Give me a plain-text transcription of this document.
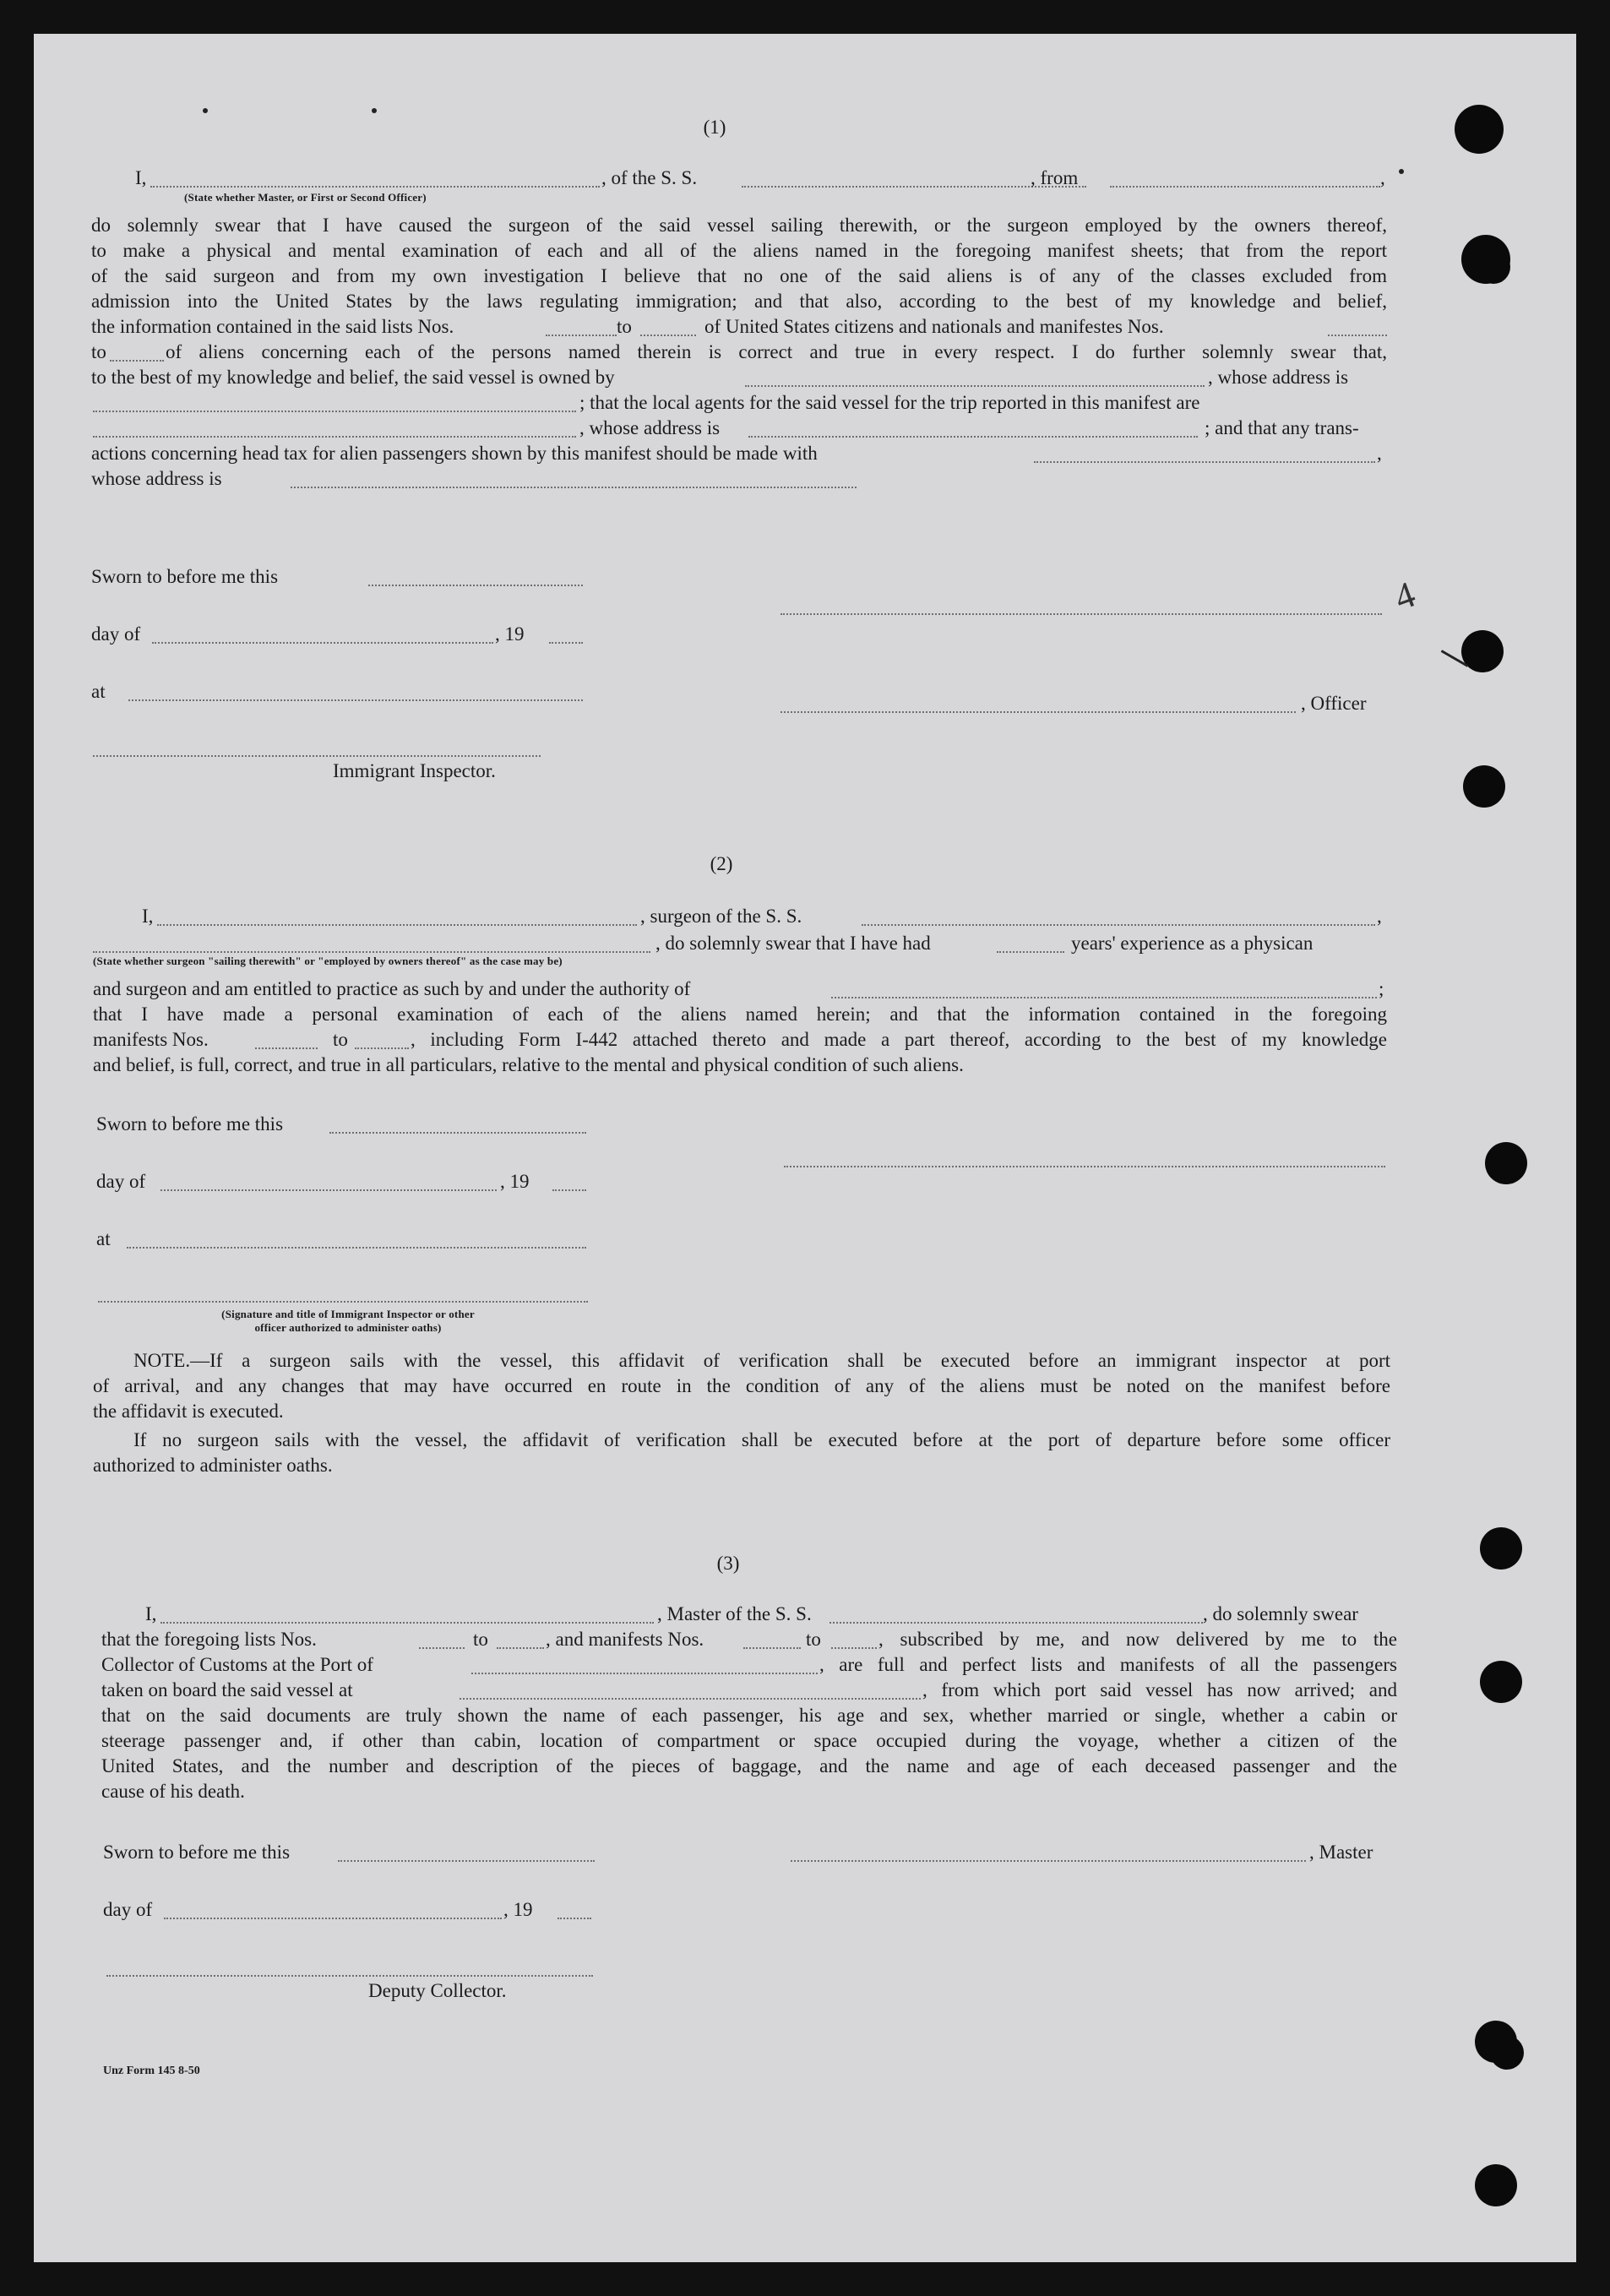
4
(1)
I,	, of the S. S.	, from	,
(State whether Master, or First or Second Officer)
do solemnly swear that I have caused the surgeon of the said vessel sailing therewith, or the surgeon employed by the owners thereof,
to make a physical and mental examination of each and all of the aliens named in the foregoing manifest sheets; that from the report
of the said surgeon and from my own investigation I believe that no one of the said aliens is of any of the classes excluded from
admission into the United States by the laws regulating immigration; and that also, according to the best of my knowledge and belief,
the information contained in the said lists Nos.	to	of United States citizens and nationals and manifestes Nos.
to	of aliens concerning each of the persons named therein is correct and true in every respect. I do further solemnly swear that,
to the best of my knowledge and belief, the said vessel is owned by	, whose address is
; that the local agents for the said vessel for the trip reported in this manifest are
, whose address is	; and that any trans-
actions concerning head tax for alien passengers shown by this manifest should be made with	,
whose address is
Sworn to before me this
day of	, 19
at
, Officer
Immigrant Inspector.
(2)
I,	, surgeon of the S. S.	,
, do solemnly swear that I have had	years' experience as a physican
(State whether surgeon "sailing therewith" or "employed by owners thereof" as the case may be)
and surgeon and am entitled to practice as such by and under the authority of	;
that I have made a personal examination of each of the aliens named herein; and that the information contained in the foregoing
manifests Nos.	to	, including Form I-442 attached thereto and made a part thereof, according to the best of my knowledge
and belief, is full, correct, and true in all particulars, relative to the mental and physical condition of such aliens.
Sworn to before me this
day of	, 19
at
(Signature and title of Immigrant Inspector or other
officer authorized to administer oaths)
NOTE.—If a surgeon sails with the vessel, this affidavit of verification shall be executed before an immigrant inspector at port
of arrival, and any changes that may have occurred en route in the condition of any of the aliens must be noted on the manifest before
the affidavit is executed.
If no surgeon sails with the vessel, the affidavit of verification shall be executed before at the port of departure before some officer
authorized to administer oaths.
(3)
I,	, Master of the S. S.	, do solemnly swear
that the foregoing lists Nos.	to	, and manifests Nos.	to	, subscribed by me, and now delivered by me to the
Collector of Customs at the Port of	, are full and perfect lists and manifests of all the passengers
taken on board the said vessel at	, from which port said vessel has now arrived; and
that on the said documents are truly shown the name of each passenger, his age and sex, whether married or single, whether a cabin or
steerage passenger and, if other than cabin, location of compartment or space occupied during the voyage, whether a citizen of the
United States, and the number and description of the pieces of baggage, and the name and age of each deceased passenger and the
cause of his death.
Sworn to before me this	, Master
day of	, 19
Deputy Collector.
Unz Form 145 8-50
